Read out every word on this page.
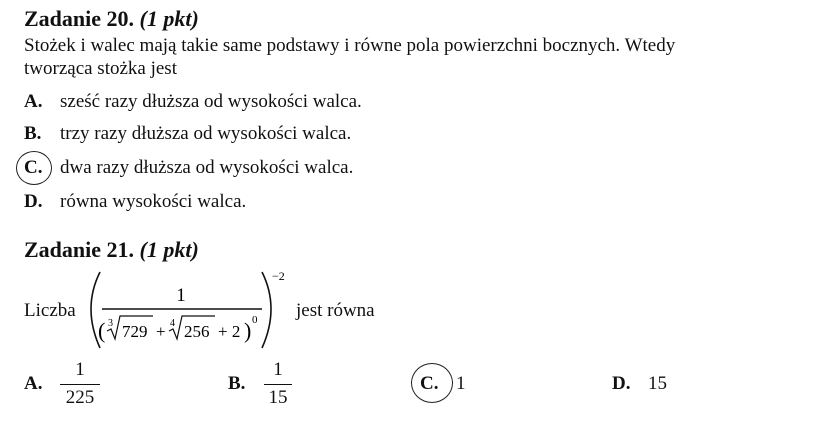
Zadanie 20. (1 pkt)
Stożek i walec mają takie same podstawy i równe pola powierzchni bocznych. Wtedy
tworząca stożka jest
A. sześć razy dłuższa od wysokości walca.
B. trzy razy dłuższa od wysokości walca.
C. dwa razy dłuższa od wysokości walca.
D. równa wysokości walca.
Zadanie 21. (1 pkt)
Liczba
−2
1
(	) 0
3 729 + 4 256 + 2
jest równa
A.
1
225
B.
1
15
C. 1	D. 15
